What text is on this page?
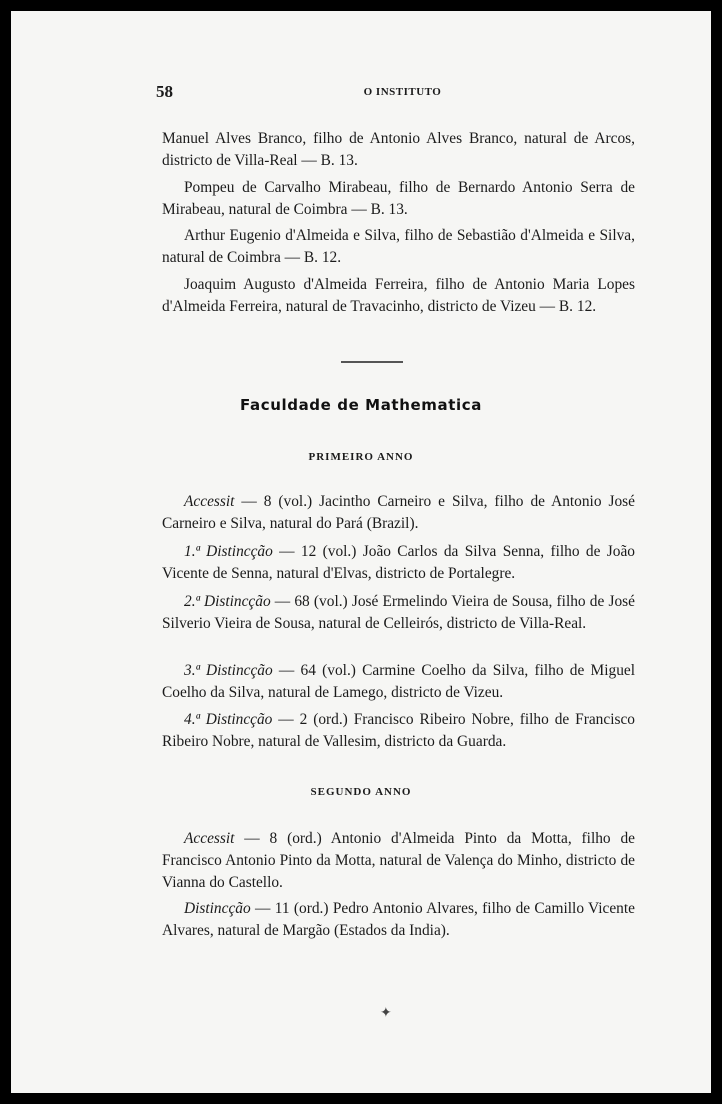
58	O INSTITUTO

Manuel Alves Branco, filho de Antonio Alves Branco, natural de Arcos, districto de Villa-Real — B. 13.

Pompeu de Carvalho Mirabeau, filho de Bernardo Antonio Serra de Mirabeau, natural de Coimbra — B. 13.

Arthur Eugenio d'Almeida e Silva, filho de Sebastião d'Almeida e Silva, natural de Coimbra — B. 12.

Joaquim Augusto d'Almeida Ferreira, filho de Antonio Maria Lopes d'Almeida Ferreira, natural de Travacinho, districto de Vizeu — B. 12.

Faculdade de Mathematica
PRIMEIRO ANNO

Accessit — 8 (vol.) Jacintho Carneiro e Silva, filho de Antonio José Carneiro e Silva, natural do Pará (Brazil).

1.ª Distincção — 12 (vol.) João Carlos da Silva Senna, filho de João Vicente de Senna, natural d'Elvas, districto de Portalegre.

2.ª Distincção — 68 (vol.) José Ermelindo Vieira de Sousa, filho de José Silverio Vieira de Sousa, natural de Celleirós, districto de Villa-Real.

3.ª Distincção — 64 (vol.) Carmine Coelho da Silva, filho de Miguel Coelho da Silva, natural de Lamego, districto de Vizeu.

4.ª Distincção — 2 (ord.) Francisco Ribeiro Nobre, filho de Francisco Ribeiro Nobre, natural de Vallesim, districto da Guarda.

SEGUNDO ANNO

Accessit — 8 (ord.) Antonio d'Almeida Pinto da Motta, filho de Francisco Antonio Pinto da Motta, natural de Valença do Minho, districto de Vianna do Castello.

Distincção — 11 (ord.) Pedro Antonio Alvares, filho de Camillo Vicente Alvares, natural de Margão (Estados da India).

✦
